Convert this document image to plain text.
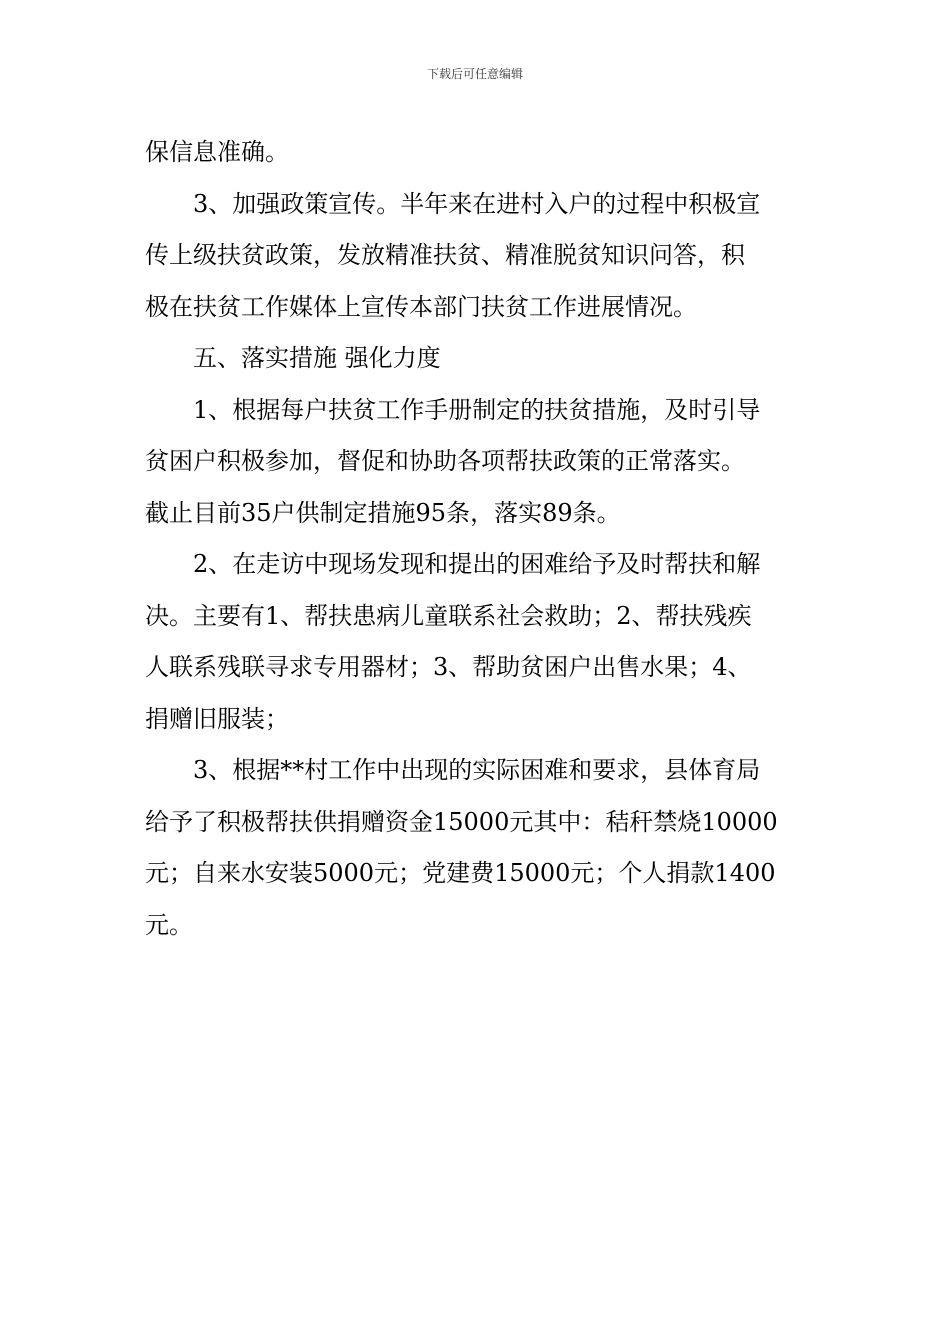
下载后可任意编辑
保信息准确。
3、加强政策宣传。半年来在进村入户的过程中积极宣
传上级扶贫政策，发放精准扶贫、精准脱贫知识问答，积
极在扶贫工作媒体上宣传本部门扶贫工作进展情况。
五、落实措施 强化力度
1、根据每户扶贫工作手册制定的扶贫措施，及时引导
贫困户积极参加，督促和协助各项帮扶政策的正常落实。
截止目前35户供制定措施95条，落实89条。
2、在走访中现场发现和提出的困难给予及时帮扶和解
决。主要有1、帮扶患病儿童联系社会救助；2、帮扶残疾
人联系残联寻求专用器材；3、帮助贫困户出售水果；4、
捐赠旧服装；
3、根据**村工作中出现的实际困难和要求，县体育局
给予了积极帮扶供捐赠资金15000元其中：秸秆禁烧10000
元；自来水安装5000元；党建费15000元；个人捐款1400
元。
